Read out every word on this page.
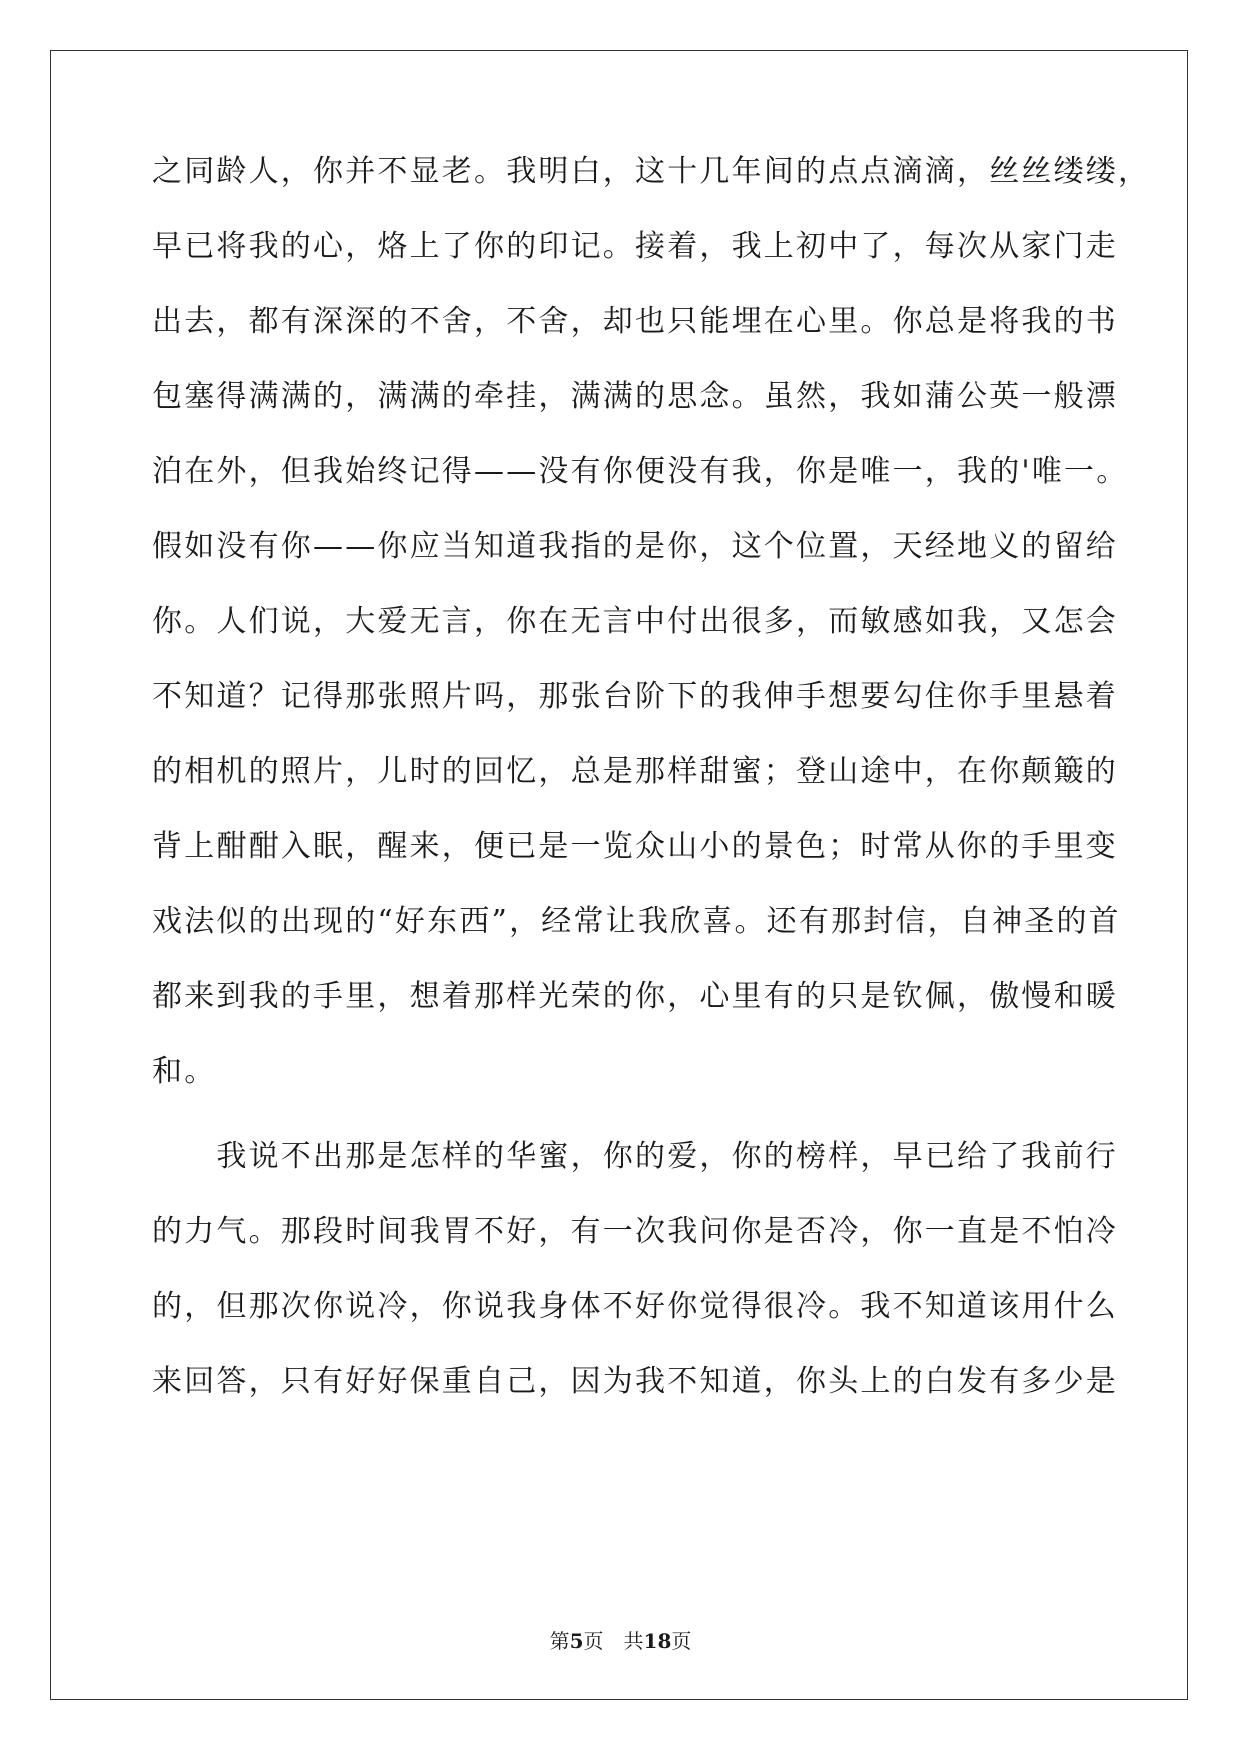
之同龄人，你并不显老。我明白，这十几年间的点点滴滴，丝丝缕缕，
早已将我的心，烙上了你的印记。接着，我上初中了，每次从家门走
出去，都有深深的不舍，不舍，却也只能埋在心里。你总是将我的书
包塞得满满的，满满的牵挂，满满的思念。虽然，我如蒲公英一般漂
泊在外，但我始终记得——没有你便没有我，你是唯一，我的'唯一。
假如没有你——你应当知道我指的是你，这个位置，天经地义的留给
你。人们说，大爱无言，你在无言中付出很多，而敏感如我，又怎会
不知道？记得那张照片吗，那张台阶下的我伸手想要勾住你手里悬着
的相机的照片，儿时的回忆，总是那样甜蜜；登山途中，在你颠簸的
背上酣酣入眠，醒来，便已是一览众山小的景色；时常从你的手里变
戏法似的出现的“好东西”，经常让我欣喜。还有那封信，自神圣的首
都来到我的手里，想着那样光荣的你，心里有的只是钦佩，傲慢和暖
和。
　　我说不出那是怎样的华蜜，你的爱，你的榜样，早已给了我前行
的力气。那段时间我胃不好，有一次我问你是否冷，你一直是不怕冷
的，但那次你说冷，你说我身体不好你觉得很冷。我不知道该用什么
来回答，只有好好保重自己，因为我不知道，你头上的白发有多少是
第5页　 共18页
